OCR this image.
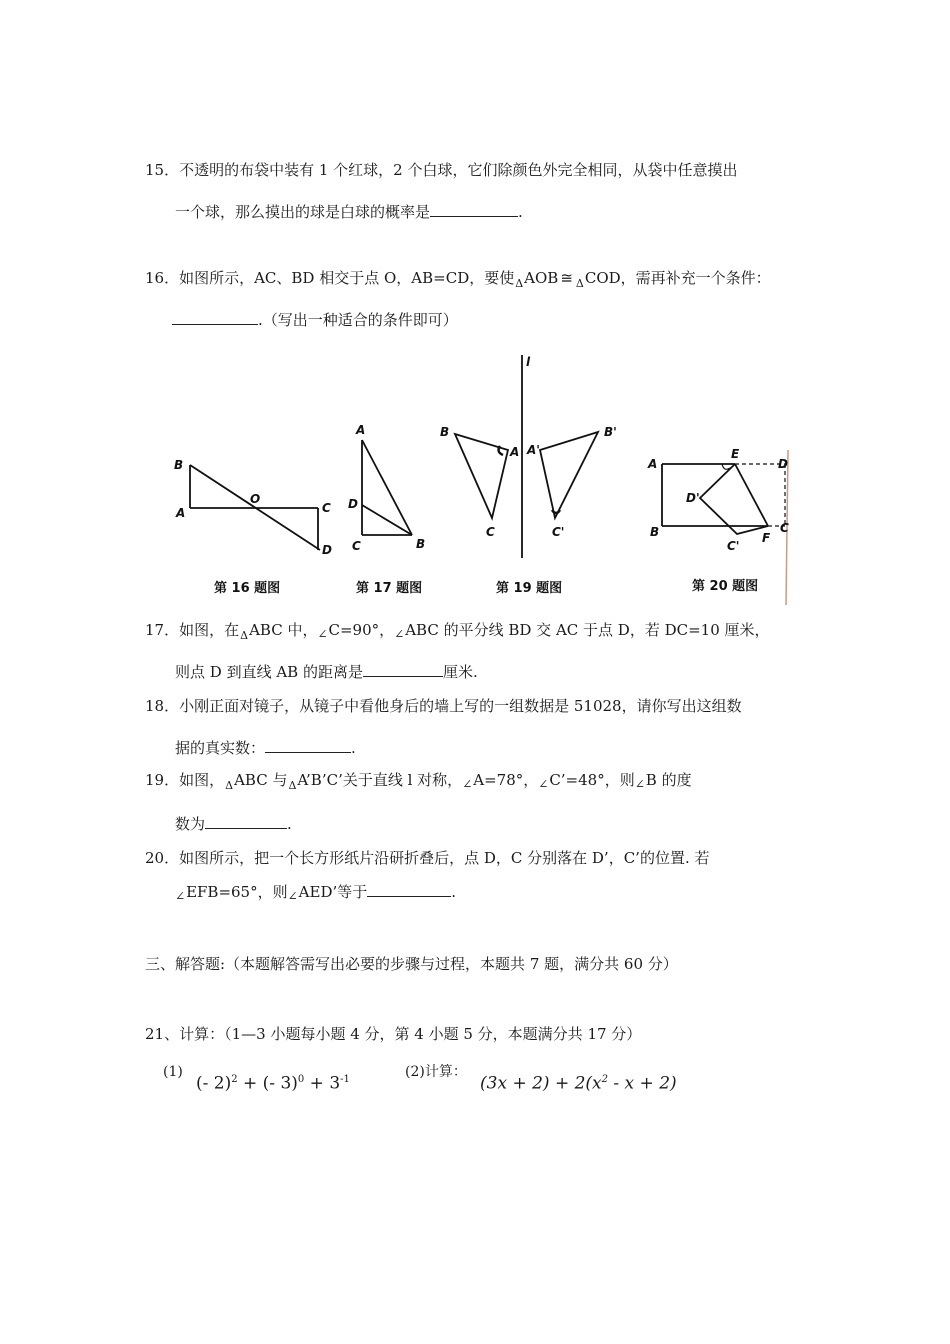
15．不透明的布袋中装有 1 个红球，2 个白球，它们除颜色外完全相同，从袋中任意摸出
一个球，那么摸出的球是白球的概率是	.
16．如图所示，AC、BD 相交于点 O，AB=CD，要使$_\Delta$AOB ≅ $_\Delta$COD，需再补充一个条件：
.（写出一种适合的条件即可）
B
A
O
C
D
第 16 题图
A
D
C	B
第 17 题图
l
B
A A'
C
B'
C'
第 19 题图
A
E
D
D'
B
C'
F
C
第 20 题图
17．如图，在$_\Delta$ABC 中，$_\angle$C=90°，$_\angle$ABC 的平分线 BD 交 AC 于点 D，若 DC=10 厘米，
则点 D 到直线 AB 的距离是	厘米.
18．小刚正面对镜子，从镜子中看他身后的墙上写的一组数据是 51028，请你写出这组数
据的真实数：	.
19．如图，$_\Delta$ABC 与$_\Delta$A’B’C’关于直线 l 对称，$_\angle$A=78°，$_\angle$C’=48°，则$_\angle$B 的度
数为	.
20．如图所示，把一个长方形纸片沿研折叠后，点 D，C 分别落在 D’，C’的位置. 若
$_\angle$EFB=65°，则$_\angle$AED’等于	.
三、解答题:（本题解答需写出必要的步骤与过程，本题共 7 题，满分共 60 分）
21、计算：（1—3 小题每小题 4 分，第 4 小题 5 分，本题满分共 17 分）
(1)
(- 2)$^2$ + (- $3)^0 + 3^{-1}$	(2)计算：
$(3x + 2) + 2(x^2 - x + 2)$
